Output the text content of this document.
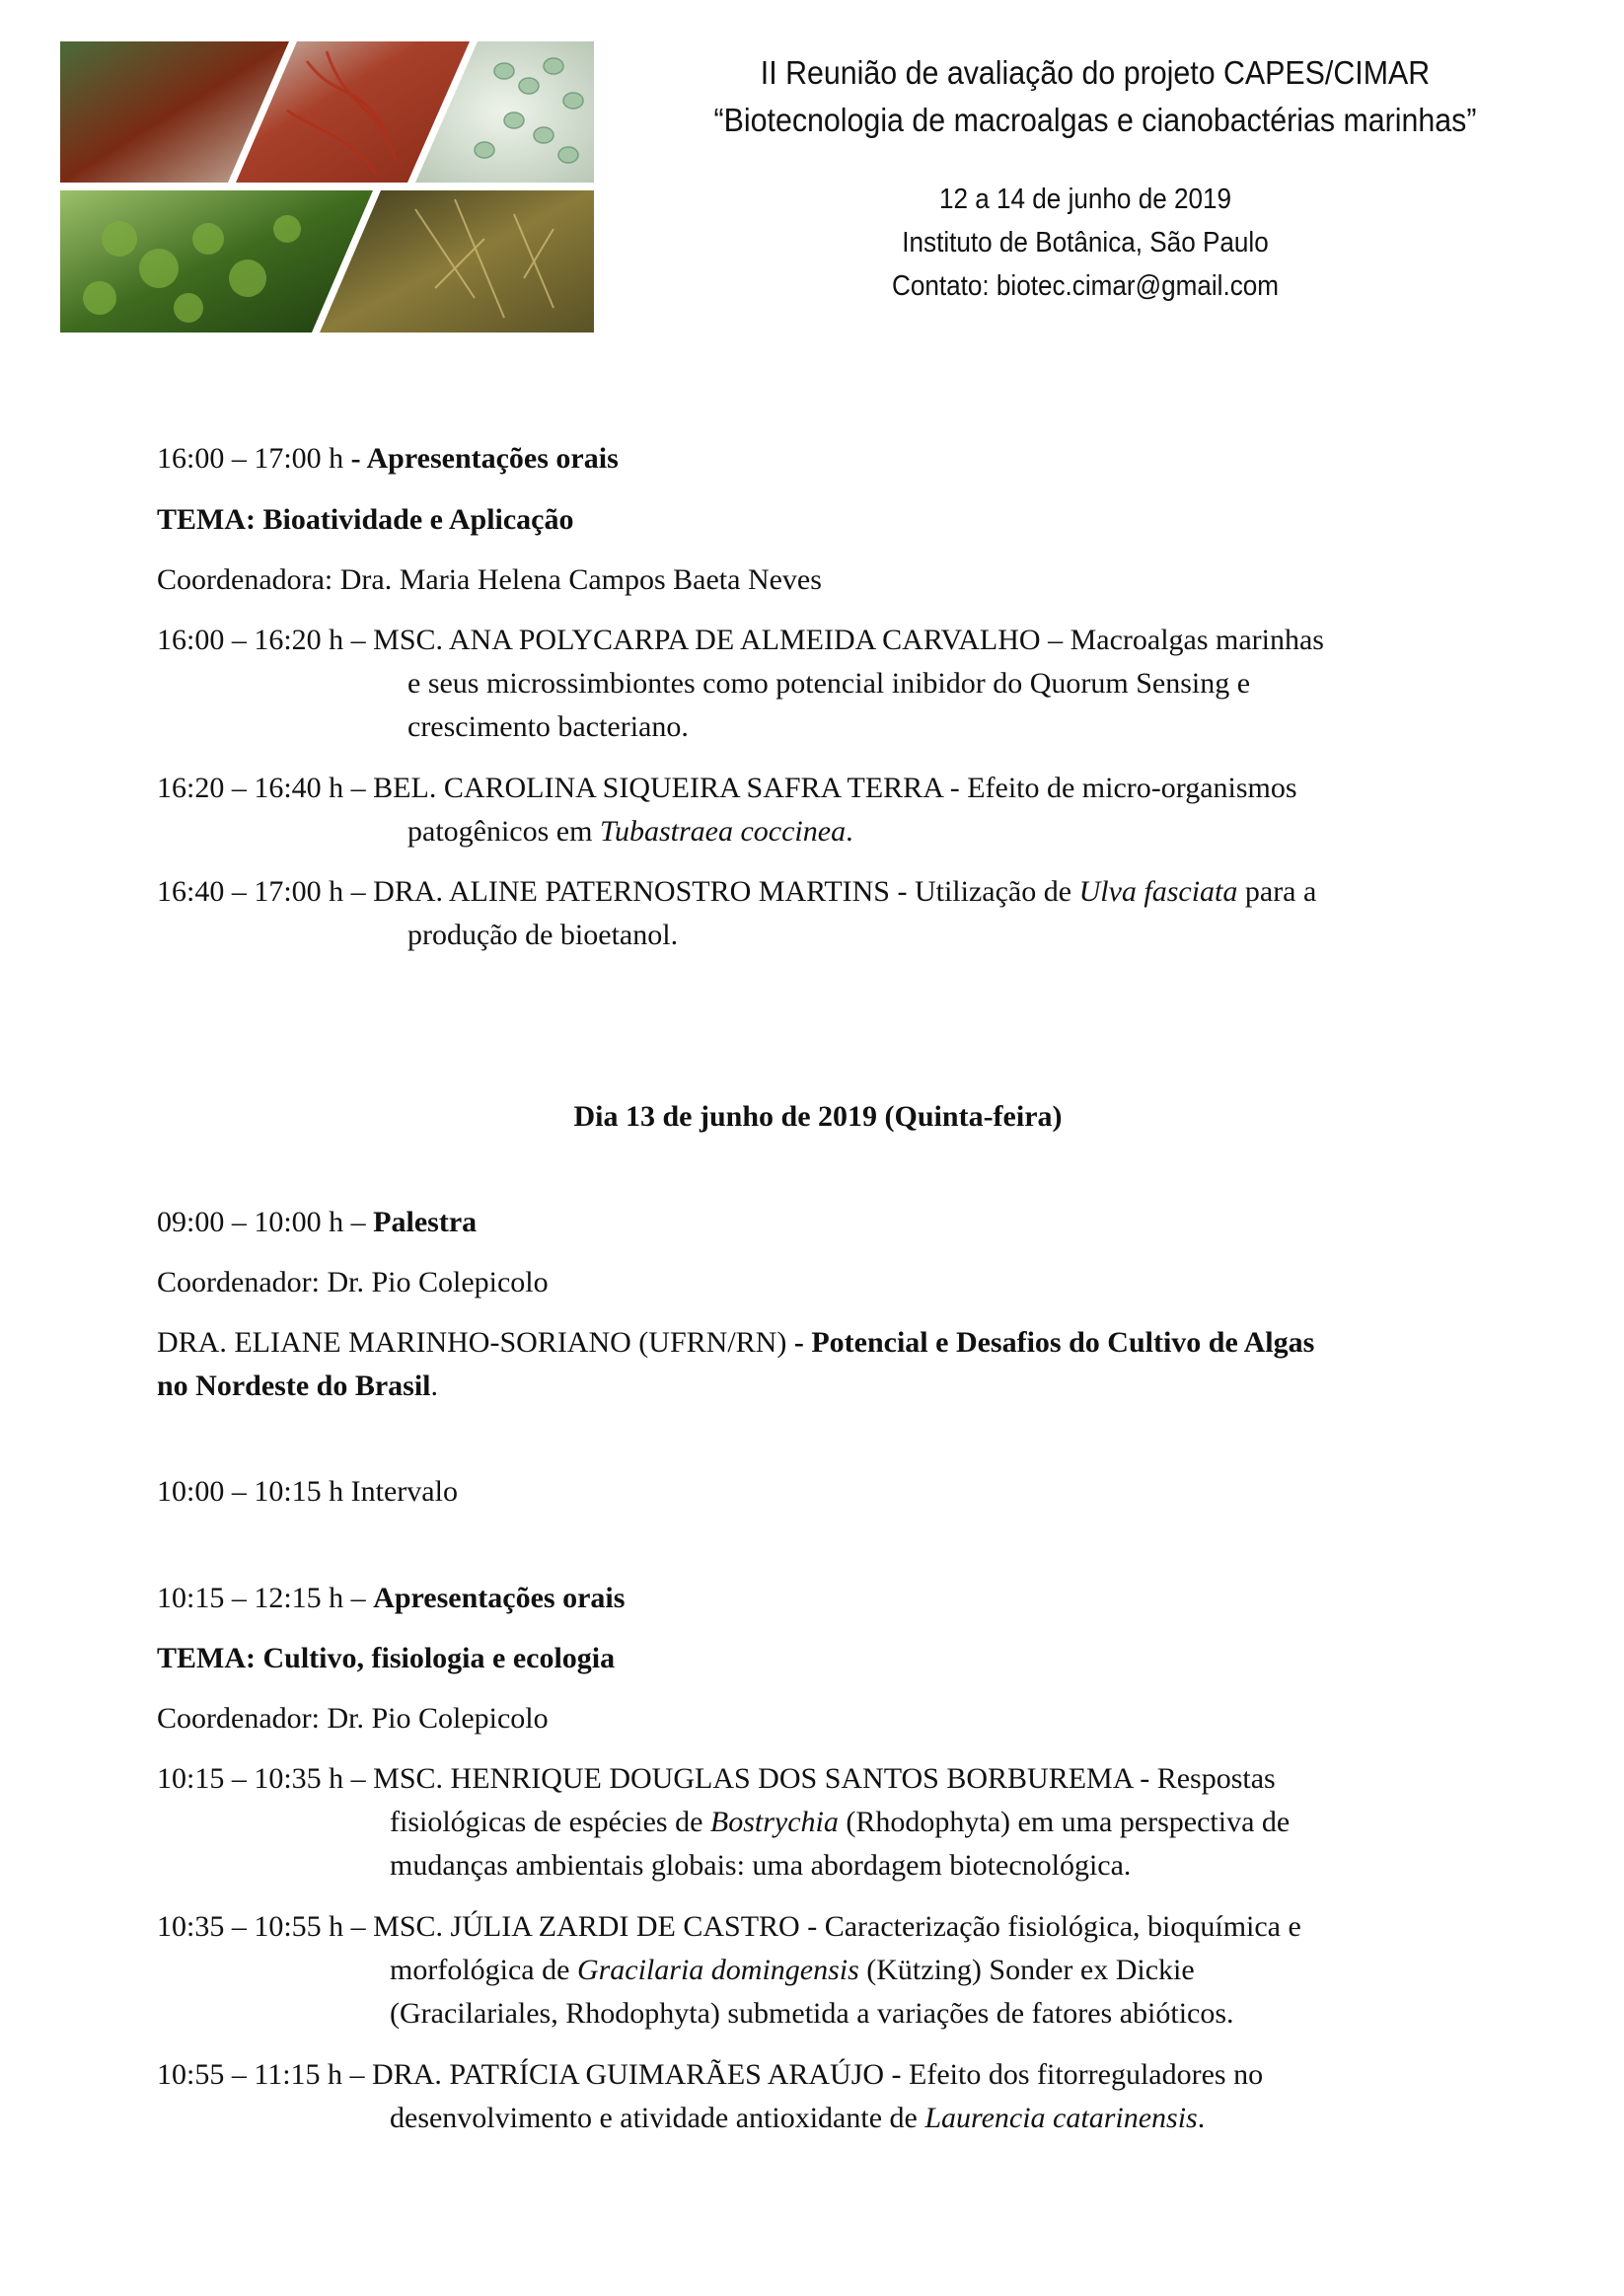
II Reunião de avaliação do projeto CAPES/CIMAR
“Biotecnologia de macroalgas e cianobactérias marinhas”
12 a 14 de junho de 2019
Instituto de Botânica, São Paulo
Contato: biotec.cimar@gmail.com
16:00 – 17:00 h - Apresentações orais
TEMA: Bioatividade e Aplicação
Coordenadora: Dra. Maria Helena Campos Baeta Neves
16:00 – 16:20 h – MSC. ANA POLYCARPA DE ALMEIDA CARVALHO – Macroalgas marinhas
e seus microssimbiontes como potencial inibidor do Quorum Sensing e
crescimento bacteriano.
16:20 – 16:40 h – BEL. CAROLINA SIQUEIRA SAFRA TERRA - Efeito de micro-organismos
patogênicos em Tubastraea coccinea.
16:40 – 17:00 h – DRA. ALINE PATERNOSTRO MARTINS - Utilização de Ulva fasciata para a
produção de bioetanol.
Dia 13 de junho de 2019 (Quinta-feira)
09:00 – 10:00 h – Palestra
Coordenador: Dr. Pio Colepicolo
DRA. ELIANE MARINHO-SORIANO (UFRN/RN) - Potencial e Desafios do Cultivo de Algas
no Nordeste do Brasil.
10:00 – 10:15 h Intervalo
10:15 – 12:15 h – Apresentações orais
TEMA: Cultivo, fisiologia e ecologia
Coordenador: Dr. Pio Colepicolo
10:15 – 10:35 h – MSC. HENRIQUE DOUGLAS DOS SANTOS BORBUREMA - Respostas
fisiológicas de espécies de Bostrychia (Rhodophyta) em uma perspectiva de
mudanças ambientais globais: uma abordagem biotecnológica.
10:35 – 10:55 h – MSC. JÚLIA ZARDI DE CASTRO - Caracterização fisiológica, bioquímica e
morfológica de Gracilaria domingensis (Kützing) Sonder ex Dickie
(Gracilariales, Rhodophyta) submetida a variações de fatores abióticos.
10:55 – 11:15 h – DRA. PATRÍCIA GUIMARÃES ARAÚJO - Efeito dos fitorreguladores no
desenvolvimento e atividade antioxidante de Laurencia catarinensis.
